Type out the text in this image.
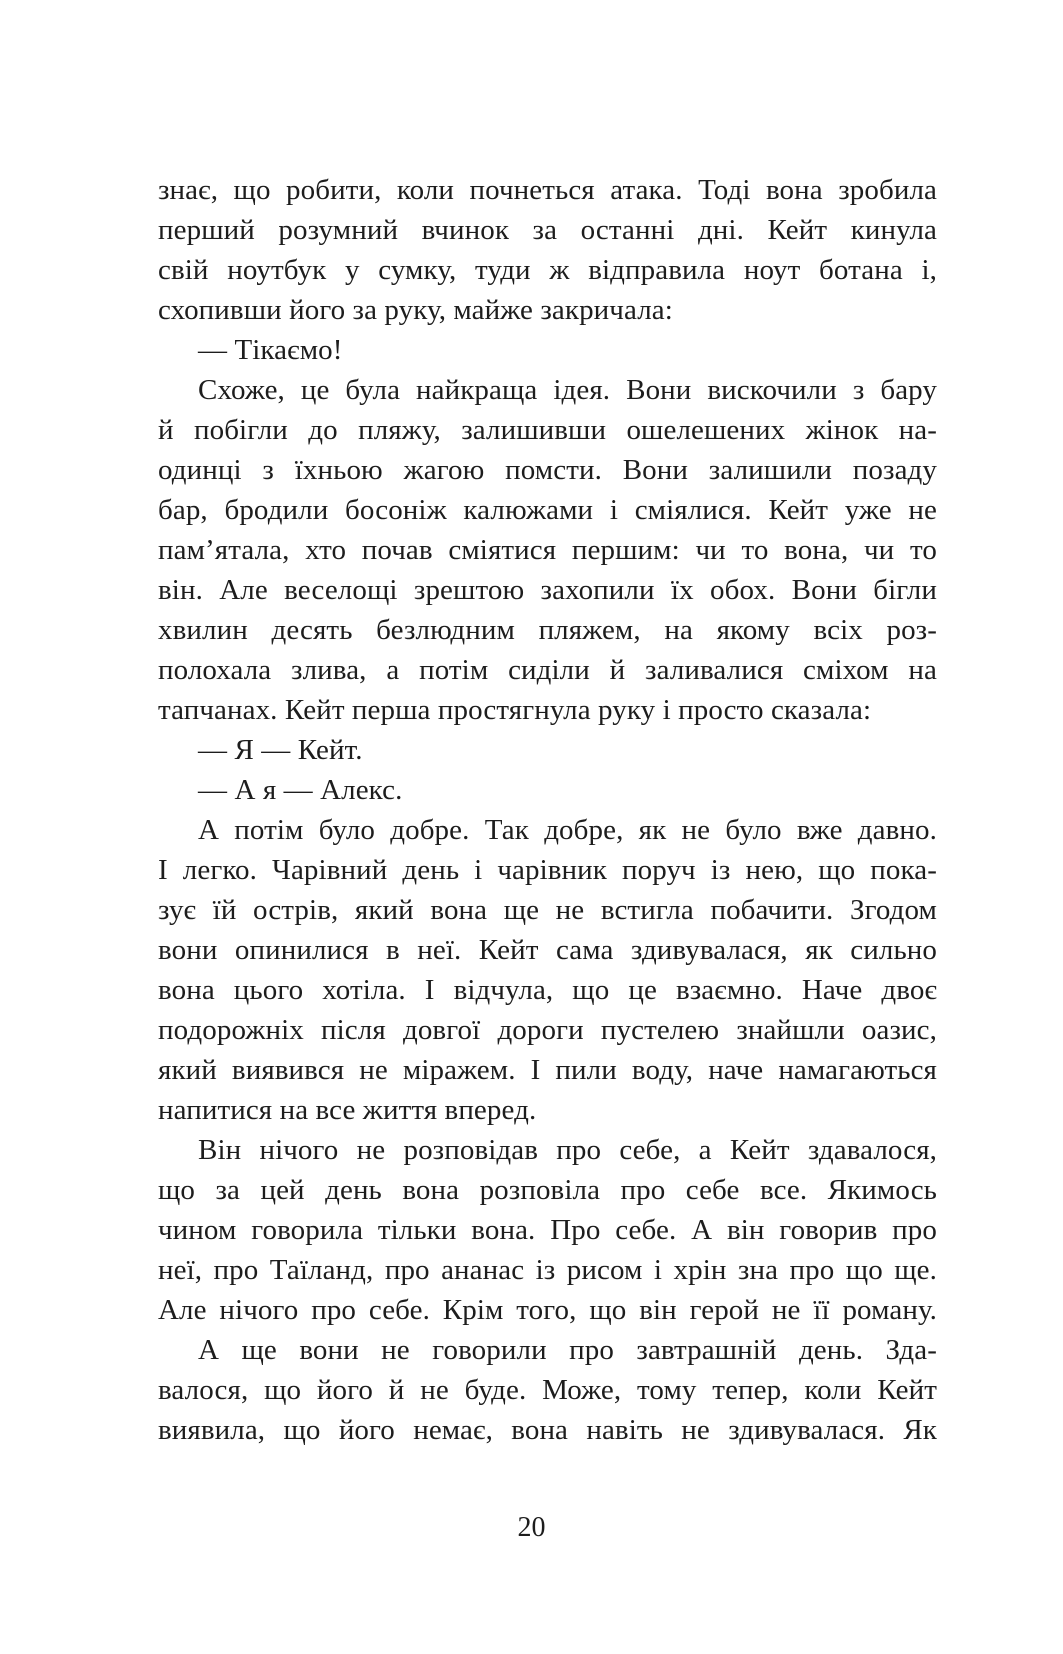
знає, що робити, коли почнеться атака. Тоді вона зробила
перший розумний вчинок за останні дні. Кейт кинула
свій ноутбук у сумку, туди ж відправила ноут ботана і,
схопивши його за руку, майже закричала:
— Тікаємо!
Схоже, це була найкраща ідея. Вони вискочили з бару
й побігли до пляжу, залишивши ошелешених жінок на-
одинці з їхньою жагою помсти. Вони залишили позаду
бар, бродили босоніж калюжами і сміялися. Кейт уже не
пам’ятала, хто почав сміятися першим: чи то вона, чи то
він. Але веселощі зрештою захопили їх обох. Вони бігли
хвилин десять безлюдним пляжем, на якому всіх роз-
полохала злива, а потім сиділи й заливалися сміхом на
тапчанах. Кейт перша простягнула руку і просто сказала:
— Я — Кейт.
— А я — Алекс.
А потім було добре. Так добре, як не було вже давно.
І легко. Чарівний день і чарівник поруч із нею, що пока-
зує їй острів, який вона ще не встигла побачити. Згодом
вони опинилися в неї. Кейт сама здивувалася, як сильно
вона цього хотіла. І відчула, що це взаємно. Наче двоє
подорожніх після довгої дороги пустелею знайшли оазис,
який виявився не міражем. І пили воду, наче намагаються
напитися на все життя вперед.
Він нічого не розповідав про себе, а Кейт здавалося,
що за цей день вона розповіла про себе все. Якимось
чином говорила тільки вона. Про себе. А він говорив про
неї, про Таїланд, про ананас із рисом і хрін зна про що ще.
Але нічого про себе. Крім того, що він герой не її роману.
А ще вони не говорили про завтрашній день. Зда-
валося, що його й не буде. Може, тому тепер, коли Кейт
виявила, що його немає, вона навіть не здивувалася. Як
20
